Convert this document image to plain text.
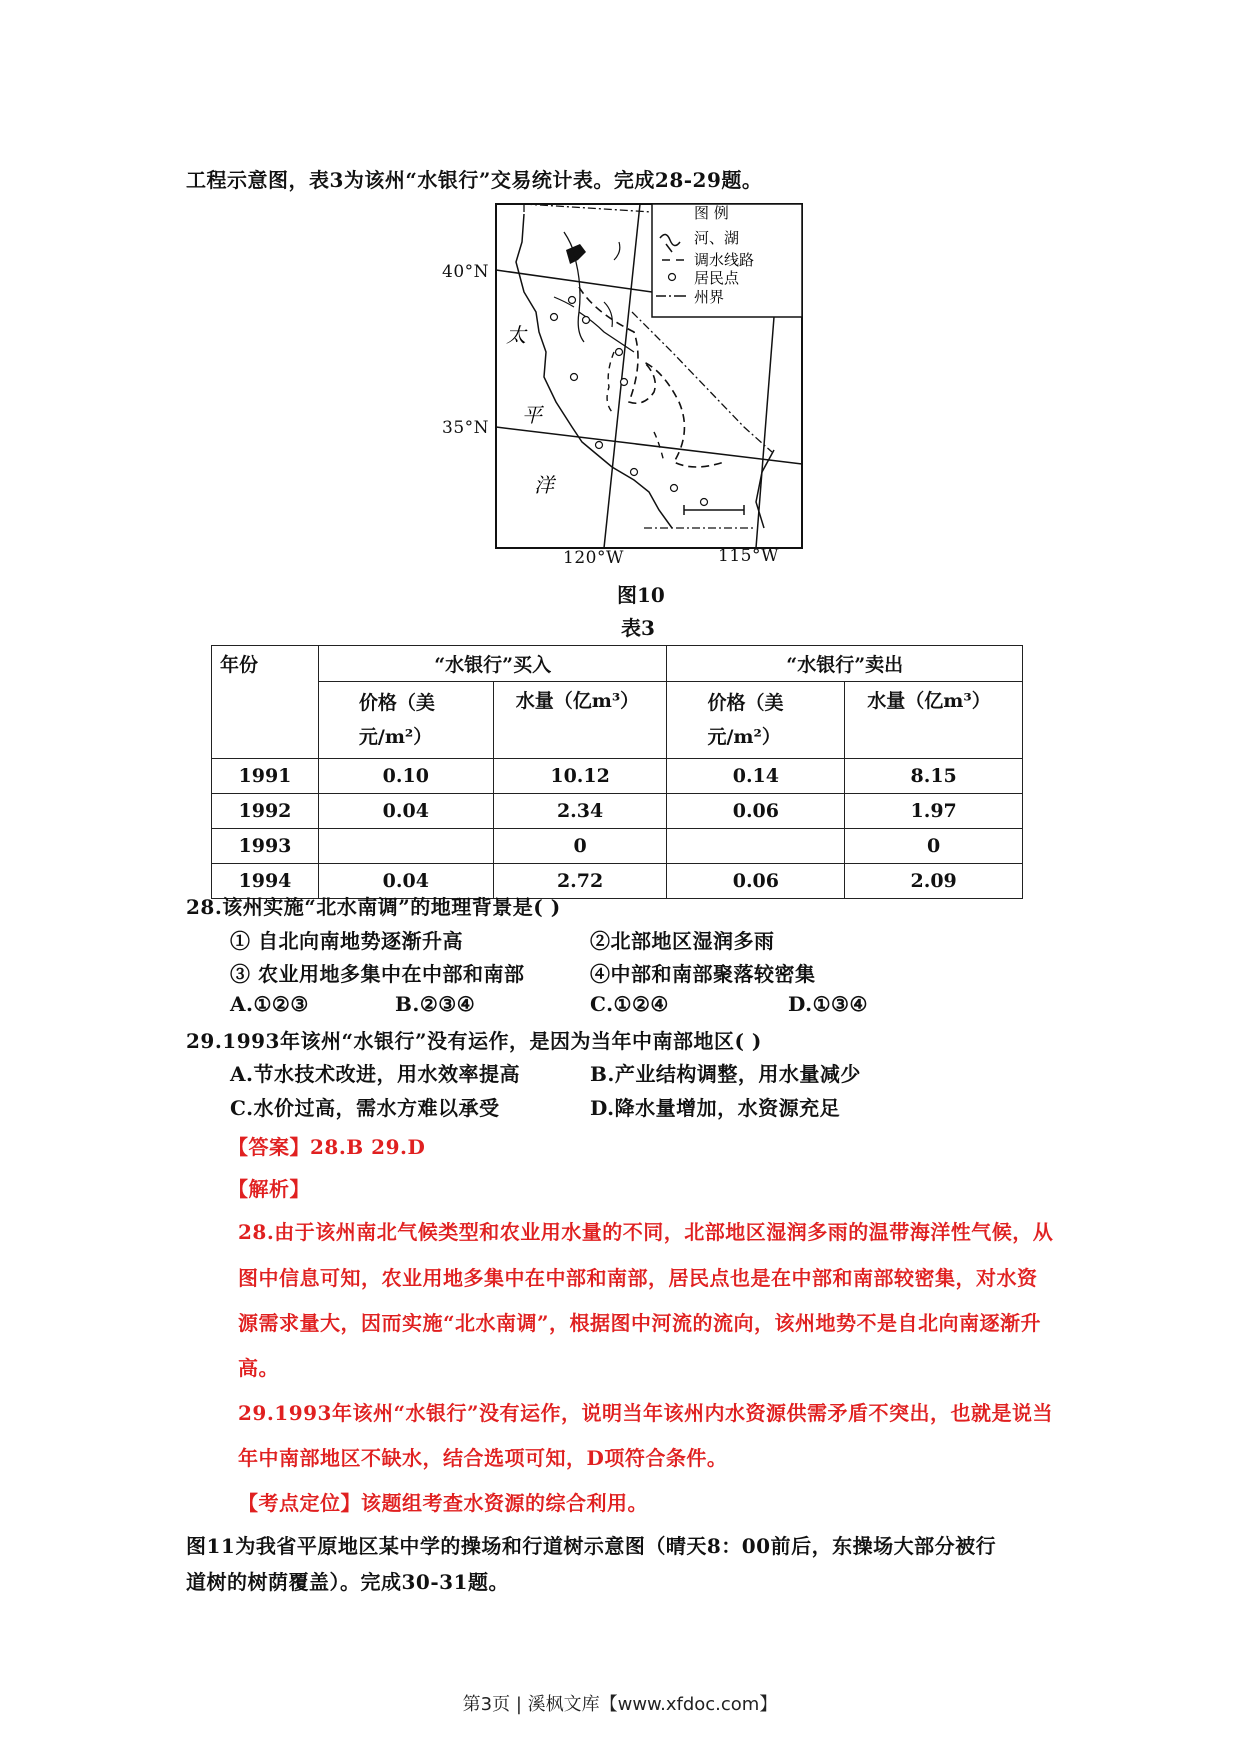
工程示意图，表3为该州“水银行”交易统计表。完成28-29题。
图 例
河、湖
调水线路
居民点
州界
太
平
洋
40°N
35°N
120°W	115°W
图10
表3
年份	“水银行”买入		“水银行”卖出	
	价格（美元/m²）	水量（亿m³）	价格（美元/m²）	水量（亿m³）
1991	0.10	10.12	0.14	8.15
1992	0.04	2.34	0.06	1.97
1993		0		0
1994	0.04	2.72	0.06	2.09
28.该州实施“北水南调”的地理背景是( )
① 自北向南地势逐渐升高	②北部地区湿润多雨
③ 农业用地多集中在中部和南部	④中部和南部聚落较密集
A.①②③	B.②③④	C.①②④	D.①③④
29.1993年该州“水银行”没有运作，是因为当年中南部地区( )
A.节水技术改进，用水效率提高	B.产业结构调整，用水量减少
C.水价过高，需水方难以承受	D.降水量增加，水资源充足
【答案】28.B 29.D
【解析】
28.由于该州南北气候类型和农业用水量的不同，北部地区湿润多雨的温带海洋性气候，从
图中信息可知，农业用地多集中在中部和南部，居民点也是在中部和南部较密集，对水资
源需求量大，因而实施“北水南调”，根据图中河流的流向，该州地势不是自北向南逐渐升
高。
29.1993年该州“水银行”没有运作，说明当年该州内水资源供需矛盾不突出，也就是说当
年中南部地区不缺水，结合选项可知，D项符合条件。
【考点定位】该题组考查水资源的综合利用。
图11为我省平原地区某中学的操场和行道树示意图（晴天8：00前后，东操场大部分被行
道树的树荫覆盖）。完成30-31题。
第3页 | 溪枫文库【www.xfdoc.com】
